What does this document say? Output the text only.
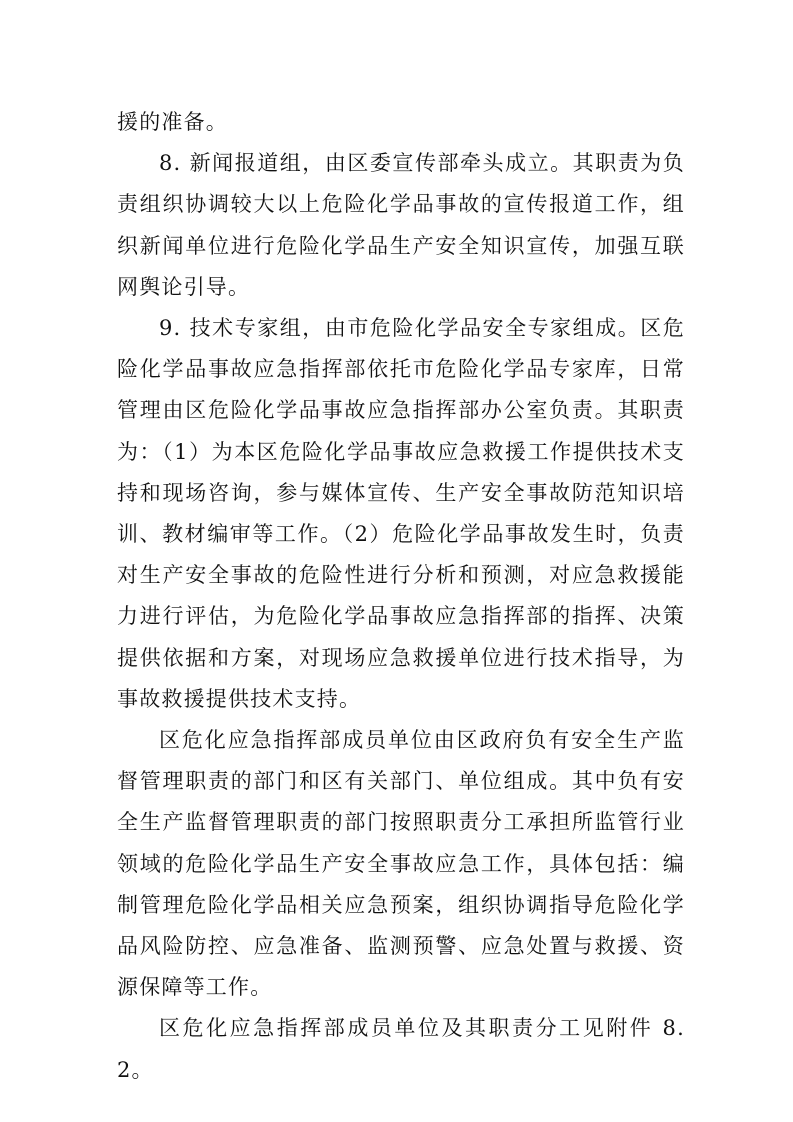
援的准备。

8. 新闻报道组，由区委宣传部牵头成立。其职责为负责组织协调较大以上危险化学品事故的宣传报道工作，组织新闻单位进行危险化学品生产安全知识宣传，加强互联网舆论引导。

9. 技术专家组，由市危险化学品安全专家组成。区危险化学品事故应急指挥部依托市危险化学品专家库，日常管理由区危险化学品事故应急指挥部办公室负责。其职责为：（1）为本区危险化学品事故应急救援工作提供技术支持和现场咨询，参与媒体宣传、生产安全事故防范知识培训、教材编审等工作。（2）危险化学品事故发生时，负责对生产安全事故的危险性进行分析和预测，对应急救援能力进行评估，为危险化学品事故应急指挥部的指挥、决策提供依据和方案，对现场应急救援单位进行技术指导，为事故救援提供技术支持。

区危化应急指挥部成员单位由区政府负有安全生产监督管理职责的部门和区有关部门、单位组成。其中负有安全生产监督管理职责的部门按照职责分工承担所监管行业领域的危险化学品生产安全事故应急工作，具体包括：编制管理危险化学品相关应急预案，组织协调指导危险化学品风险防控、应急准备、监测预警、应急处置与救援、资源保障等工作。

区危化应急指挥部成员单位及其职责分工见附件 8.2。
